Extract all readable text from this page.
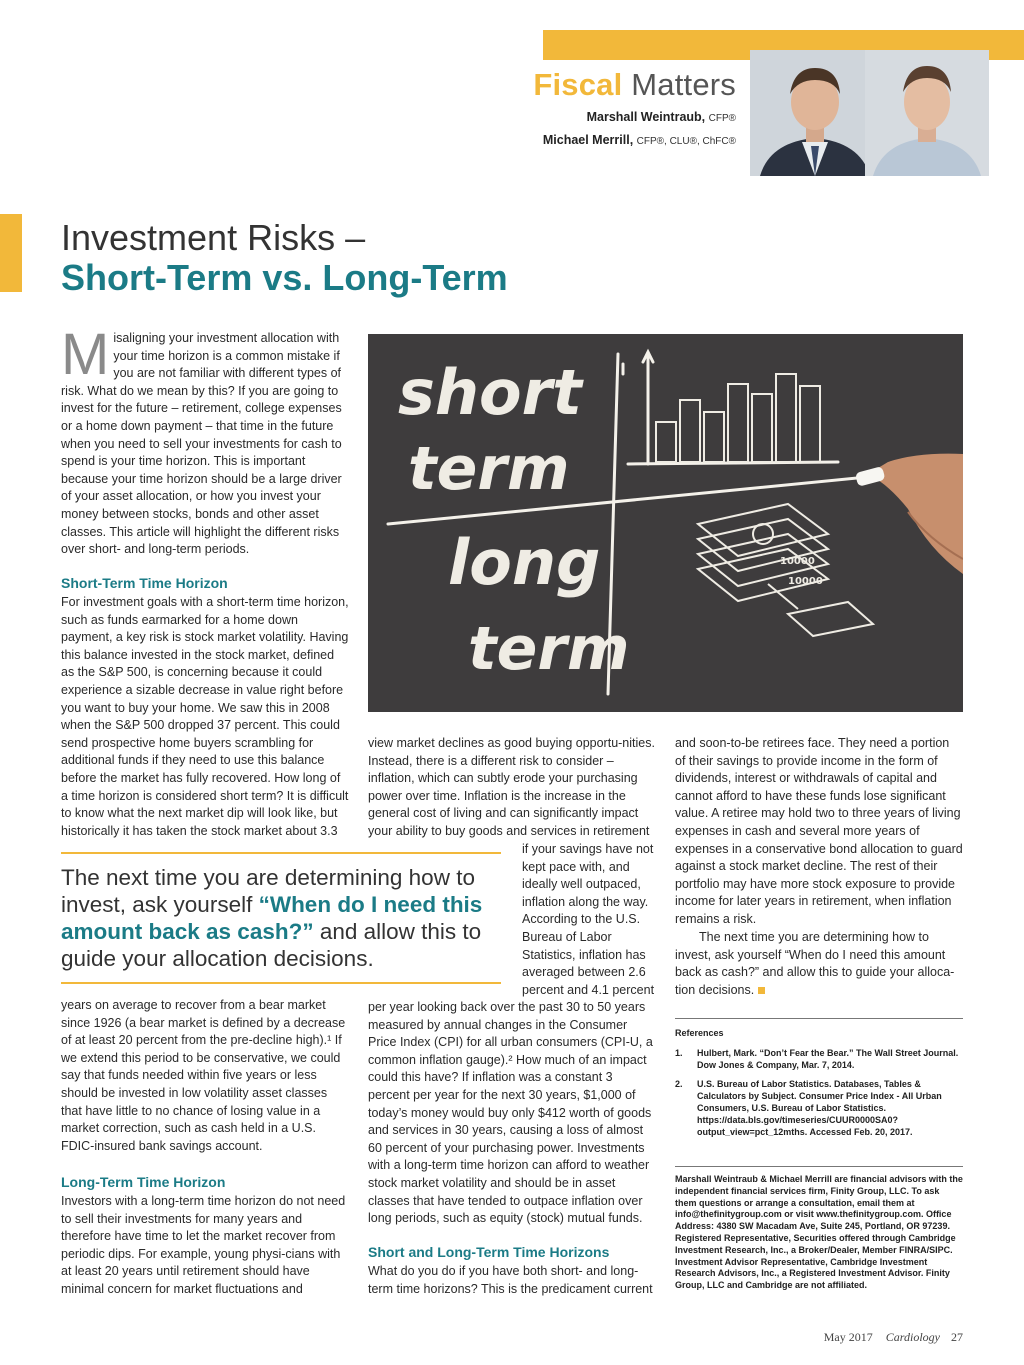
Fiscal Matters
Marshall Weintraub, CFP®
Michael Merrill, CFP®, CLU®, ChFC®
Investment Risks –
Short-Term vs. Long-Term
M isaligning your investment allocation with your time horizon is a common mistake if you are not familiar with different types of risk. What do we mean by this? If you are going to invest for the future – retirement, college expenses or a home down payment – that time in the future when you need to sell your investments for cash to spend is your time horizon. This is important because your time horizon should be a large driver of your asset allocation, or how you invest your money between stocks, bonds and other asset classes. This article will highlight the different risks over short- and long-term periods.
Short-Term Time Horizon
For investment goals with a short-term time horizon, such as funds earmarked for a home down payment, a key risk is stock market volatility. Having this balance invested in the stock market, defined as the S&P 500, is concerning because it could experience a sizable decrease in value right before you want to buy your home. We saw this in 2008 when the S&P 500 dropped 37 percent. This could send prospective home buyers scrambling for additional funds if they need to use this balance before the market has fully recovered. How long of a time horizon is considered short term? It is difficult to know what the next market dip will look like, but historically it has taken the stock market about 3.3
short
term
long
term
10000
10000
view market declines as good buying opportu-nities. Instead, there is a different risk to consider – inflation, which can subtly erode your purchasing power over time. Inflation is the increase in the general cost of living and can significantly impact your ability to buy goods and services in retirement
if your savings have not kept pace with, and ideally well outpaced, inflation along the way. According to the U.S. Bureau of Labor Statistics, inflation has averaged between 2.6 percent and 4.1 percent
The next time you are determining how to invest, ask yourself “When do I need this amount back as cash?” and allow this to guide your allocation decisions.
years on average to recover from a bear market since 1926 (a bear market is defined by a decrease of at least 20 percent from the pre-decline high).¹ If we extend this period to be conservative, we could say that funds needed within five years or less should be invested in low volatility asset classes that have little to no chance of losing value in a market correction, such as cash held in a U.S. FDIC-insured bank savings account.
Long-Term Time Horizon
Investors with a long-term time horizon do not need to sell their investments for many years and therefore have time to let the market recover from periodic dips. For example, young physi-cians with at least 20 years until retirement should have minimal concern for market fluctuations and
per year looking back over the past 30 to 50 years measured by annual changes in the Consumer Price Index (CPI) for all urban consumers (CPI-U, a common inflation gauge).² How much of an impact could this have? If inflation was a constant 3 percent per year for the next 30 years, $1,000 of today’s money would buy only $412 worth of goods and services in 30 years, causing a loss of almost 60 percent of your purchasing power. Investments with a long-term time horizon can afford to weather stock market volatility and should be in asset classes that have tended to outpace inflation over long periods, such as equity (stock) mutual funds.
Short and Long-Term Time Horizons
What do you do if you have both short- and long-term time horizons? This is the predicament current
and soon-to-be retirees face. They need a portion of their savings to provide income in the form of dividends, interest or withdrawals of capital and cannot afford to have these funds lose significant value. A retiree may hold two to three years of living expenses in cash and several more years of expenses in a conservative bond allocation to guard against a stock market decline. The rest of their portfolio may have more stock exposure to provide income for later years in retirement, when inflation remains a risk.
The next time you are determining how to invest, ask yourself “When do I need this amount back as cash?” and allow this to guide your alloca-tion decisions.
References
1.	Hulbert, Mark. “Don’t Fear the Bear.” The Wall Street Journal. Dow Jones & Company, Mar. 7, 2014.
2.	U.S. Bureau of Labor Statistics. Databases, Tables & Calculators by Subject. Consumer Price Index - All Urban Consumers, U.S. Bureau of Labor Statistics. https://data.bls.gov/timeseries/CUUR0000SA0?output_view=pct_12mths. Accessed Feb. 20, 2017.
Marshall Weintraub & Michael Merrill are financial advisors with the independent financial services firm, Finity Group, LLC. To ask them questions or arrange a consultation, email them at info@thefinitygroup.com or visit www.thefinitygroup.com. Office Address: 4380 SW Macadam Ave, Suite 245, Portland, OR 97239. Registered Representative, Securities offered through Cambridge Investment Research, Inc., a Broker/Dealer, Member FINRA/SIPC. Investment Advisor Representative, Cambridge Investment Research Advisors, Inc., a Registered Investment Advisor. Finity Group, LLC and Cambridge are not affiliated.
May 2017 Cardiology 27
